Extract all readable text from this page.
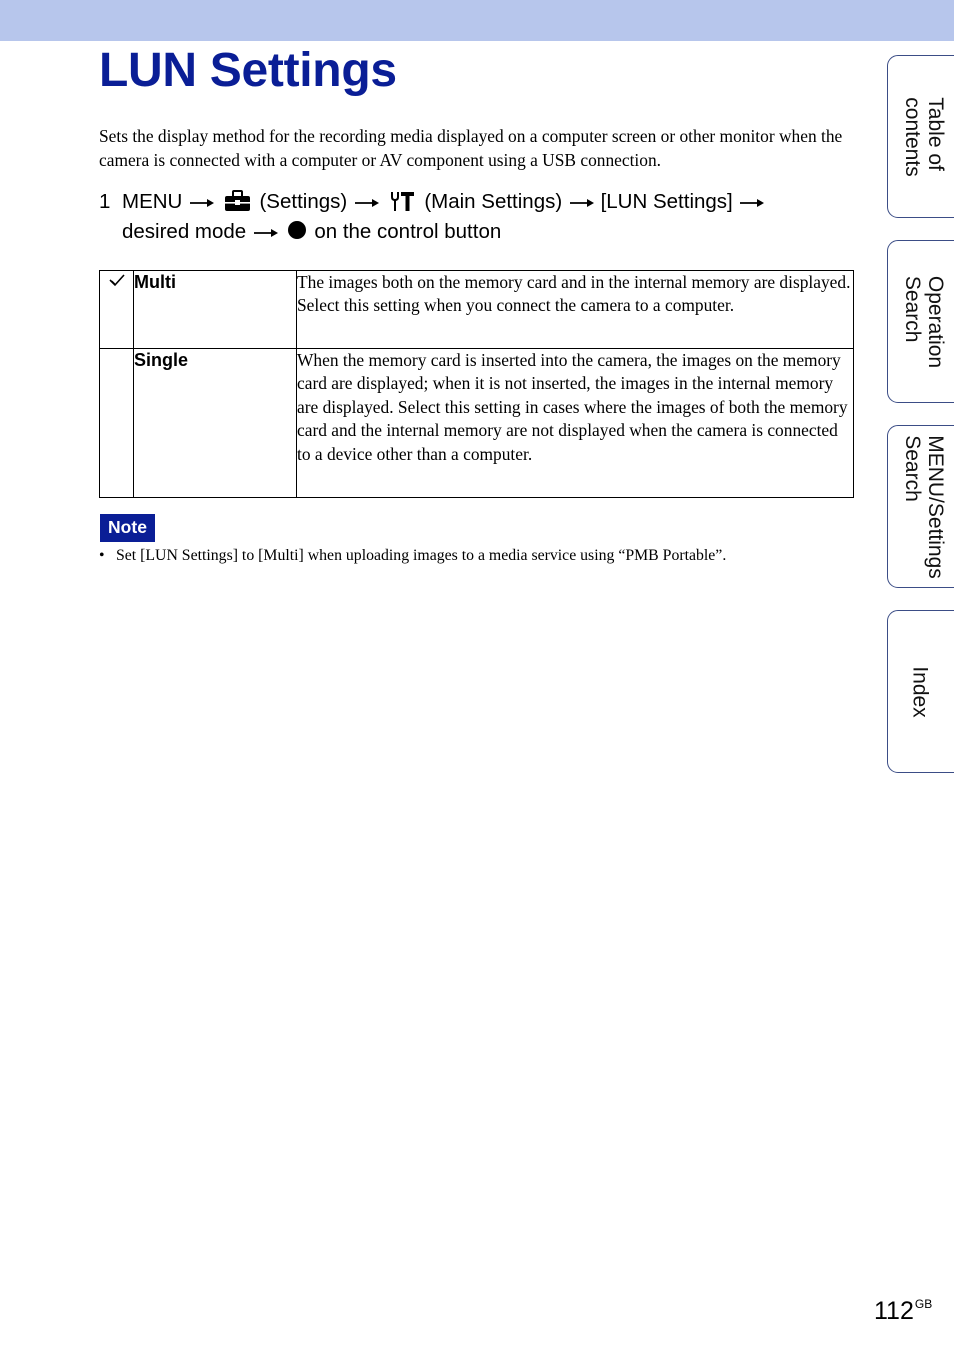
LUN Settings

Sets the display method for the recording media displayed on a computer screen or other monitor when the camera is connected with a computer or AV component using a USB connection.

1 MENU
	(Settings)
	(Main Settings) [LUN Settings]

desired mode
	on the control button
	Multi	The images both on the memory card and in the internal memory are displayed. Select this setting when you connect the camera to a computer.
	Single	When the memory card is inserted into the camera, the images on the memory card are displayed; when it is not inserted, the images in the internal memory are displayed. Select this setting in cases where the images of both the memory card and the internal memory are not displayed when the camera is connected to a device other than a computer.
Note
• Set [LUN Settings] to [Multi] when uploading images to a media service using “PMB Portable”.
Table of
contents
Operation
Search
MENU/Settings
Search
Index
$112^{GB}$
